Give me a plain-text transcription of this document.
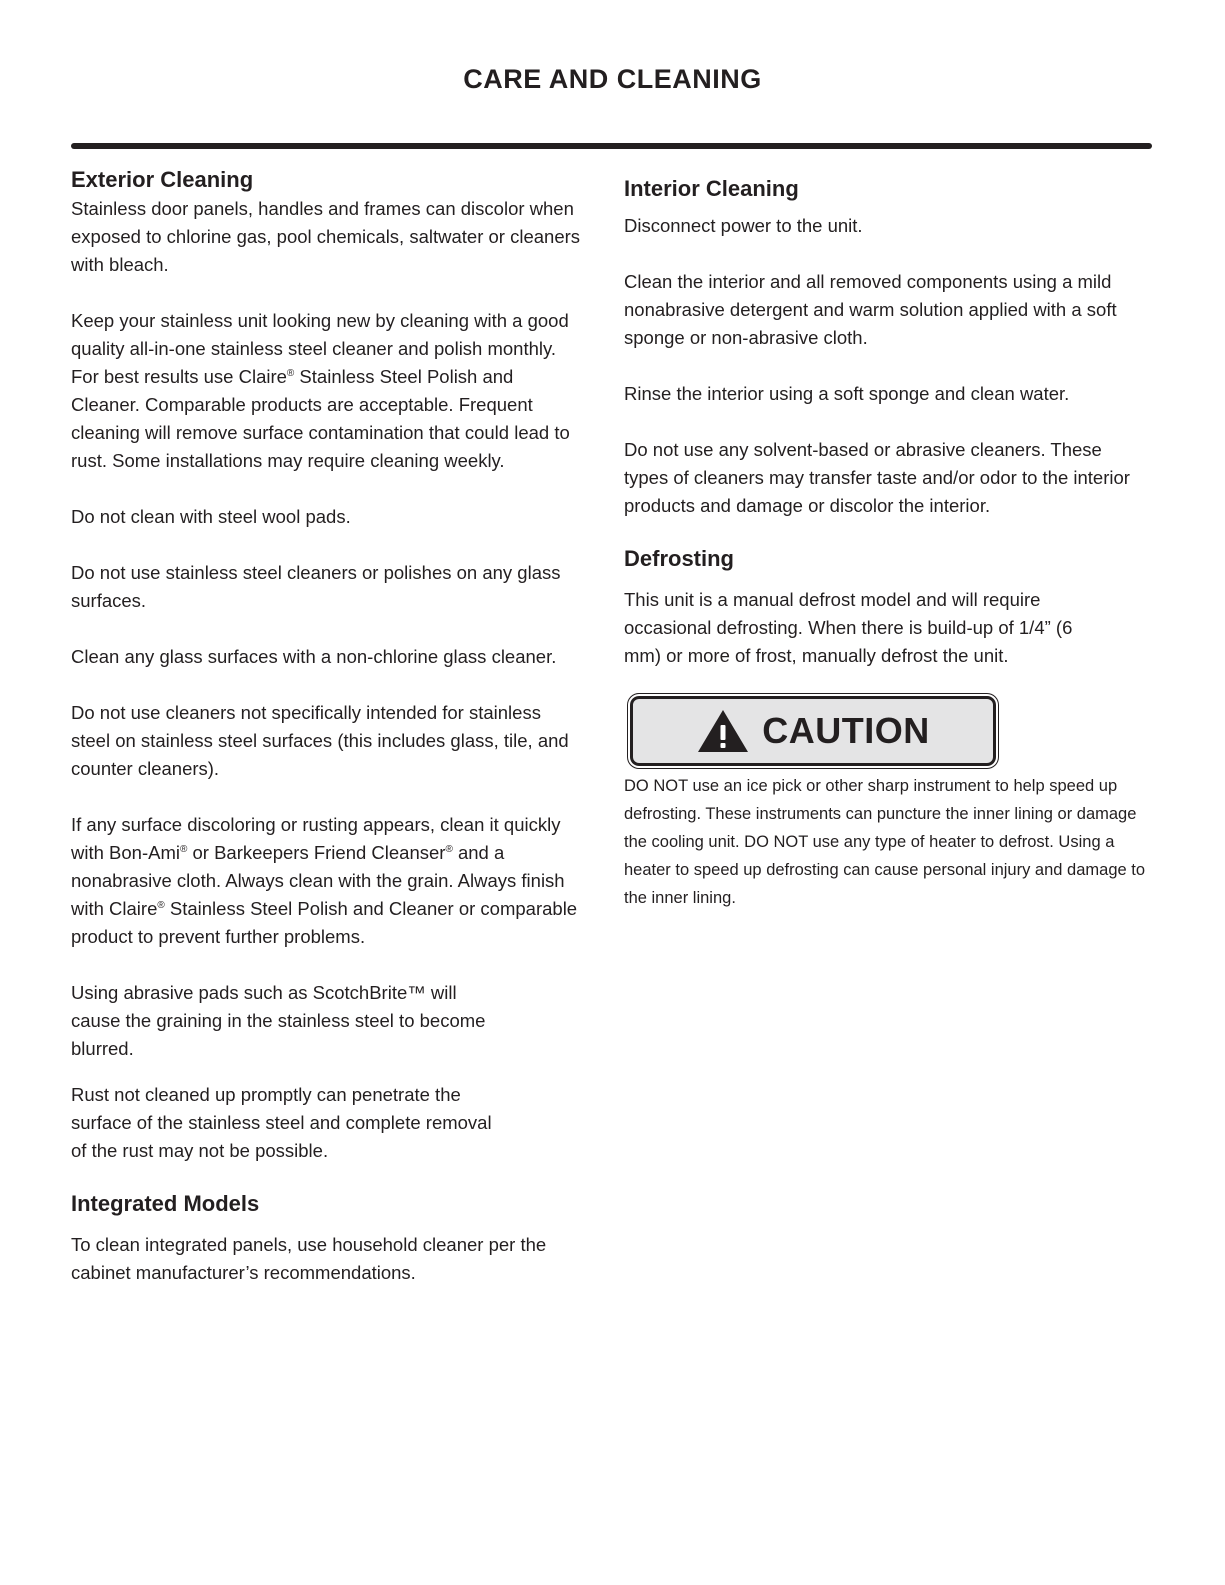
CARE AND CLEANING
Exterior Cleaning

Stainless door panels, handles and frames can discolor when exposed to chlorine gas, pool chemicals, saltwater or cleaners with bleach.

Keep your stainless unit looking new by cleaning with a good quality all-in-one stainless steel cleaner and polish monthly. For best results use Claire® Stainless Steel Polish and Cleaner. Comparable products are acceptable. Frequent cleaning will remove surface contamination that could lead to rust. Some installations may require cleaning weekly.

Do not clean with steel wool pads.

Do not use stainless steel cleaners or polishes on any glass surfaces.

Clean any glass surfaces with a non-chlorine glass cleaner.

Do not use cleaners not specifically intended for stainless steel on stainless steel surfaces (this includes glass, tile, and counter cleaners).

If any surface discoloring or rusting appears, clean it quickly with Bon-Ami® or Barkeepers Friend Cleanser® and a nonabrasive cloth. Always clean with the grain. Always finish with Claire® Stainless Steel Polish and Cleaner or comparable product to prevent further problems.

Using abrasive pads such as ScotchBrite™ will cause the graining in the stainless steel to become blurred.

Rust not cleaned up promptly can penetrate the surface of the stainless steel and complete removal of the rust may not be possible.

Integrated Models

To clean integrated panels, use household cleaner per the cabinet manufacturer’s recommendations.

Interior Cleaning

Disconnect power to the unit.

Clean the interior and all removed components using a mild nonabrasive detergent and warm solution applied with a soft sponge or non-abrasive cloth.

Rinse the interior using a soft sponge and clean water.

Do not use any solvent-based or abrasive cleaners. These types of cleaners may transfer taste and/or odor to the interior products and damage or discolor the interior.

Defrosting

This unit is a manual defrost model and will require occasional defrosting. When there is build-up of 1/4” (6 mm) or more of frost, manually defrost the unit.

CAUTION

DO NOT use an ice pick or other sharp instrument to help speed up defrosting. These instruments can puncture the inner lining or damage the cooling unit. DO NOT use any type of heater to defrost. Using a heater to speed up defrosting can cause personal injury and damage to the inner lining.
